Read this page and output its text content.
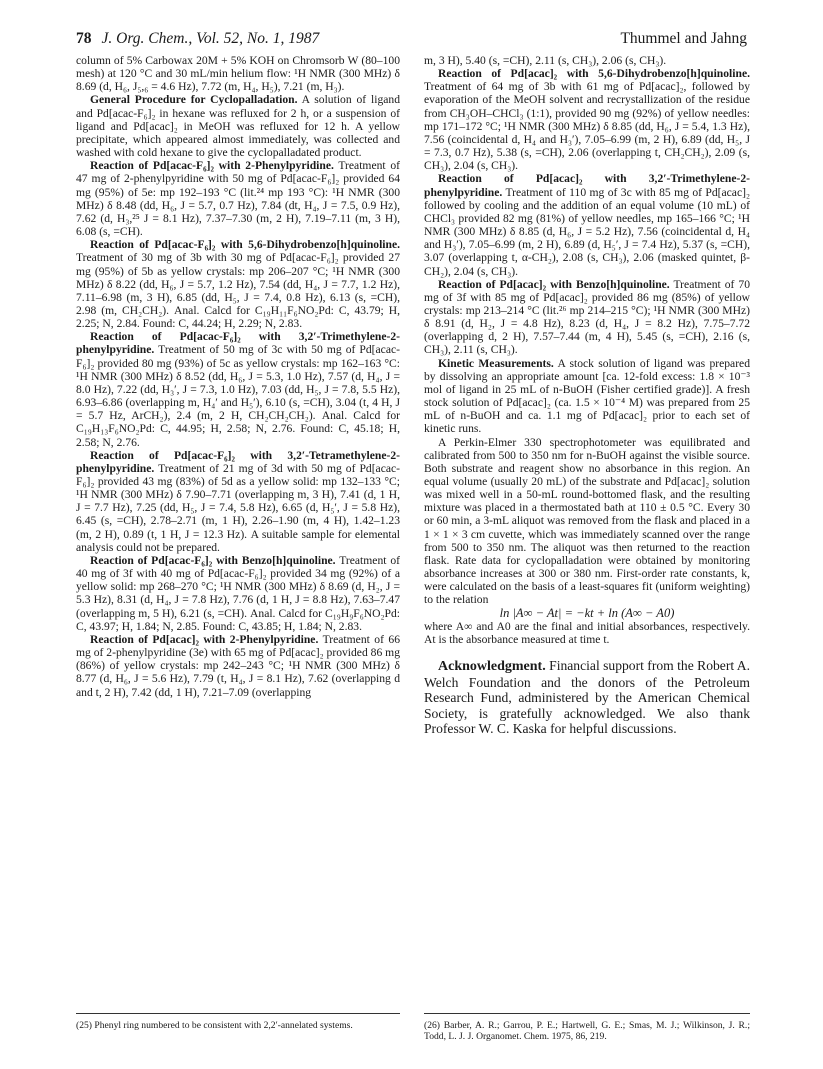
78 J. Org. Chem., Vol. 52, No. 1, 1987	Thummel and Jahng

column of 5% Carbowax 20M + 5% KOH on Chromsorb W (80–100 mesh) at 120 °C and 30 mL/min helium flow: ¹H NMR (300 MHz) δ 8.69 (d, H₆, J₅,₆ = 4.6 Hz), 7.72 (m, H₄, H₅), 7.21 (m, H₃).

General Procedure for Cyclopalladation. A solution of ligand and Pd[acac-F₆]₂ in hexane was refluxed for 2 h, or a suspension of ligand and Pd[acac]₂ in MeOH was refluxed for 12 h. A yellow precipitate, which appeared almost immediately, was collected and washed with cold hexane to give the cyclopalladated product.

Reaction of Pd[acac-F₆]₂ with 2-Phenylpyridine. Treatment of 47 mg of 2-phenylpyridine with 50 mg of Pd[acac-F₆]₂ provided 64 mg (95%) of 5e: mp 192–193 °C (lit.²⁴ mp 193 °C): ¹H NMR (300 MHz) δ 8.48 (dd, H₆, J = 5.7, 0.7 Hz), 7.84 (dt, H₄, J = 7.5, 0.9 Hz), 7.62 (d, H₃,²⁵ J = 8.1 Hz), 7.37–7.30 (m, 2 H), 7.19–7.11 (m, 3 H), 6.08 (s, =CH).

Reaction of Pd[acac-F₆]₂ with 5,6-Dihydrobenzo[h]quinoline. Treatment of 30 mg of 3b with 30 mg of Pd[acac-F₆]₂ provided 27 mg (95%) of 5b as yellow crystals: mp 206–207 °C; ¹H NMR (300 MHz) δ 8.22 (dd, H₆, J = 5.7, 1.2 Hz), 7.54 (dd, H₄, J = 7.7, 1.2 Hz), 7.11–6.98 (m, 3 H), 6.85 (dd, H₅, J = 7.4, 0.8 Hz), 6.13 (s, =CH), 2.98 (m, CH₂CH₂). Anal. Calcd for C₁₉H₁₁F₆NO₂Pd: C, 43.79; H, 2.25; N, 2.84. Found: C, 44.24; H, 2.29; N, 2.83.

Reaction of Pd[acac-F₆]₂ with 3,2′-Trimethylene-2-phenylpyridine. Treatment of 50 mg of 3c with 50 mg of Pd[acac-F₆]₂ provided 80 mg (93%) of 5c as yellow crystals: mp 162–163 °C: ¹H NMR (300 MHz) δ 8.52 (dd, H₆, J = 5.3, 1.0 Hz), 7.57 (d, H₄, J = 8.0 Hz), 7.22 (dd, H₃′, J = 7.3, 1.0 Hz), 7.03 (dd, H₅, J = 7.8, 5.5 Hz), 6.93–6.86 (overlapping m, H₄′ and H₅′), 6.10 (s, =CH), 3.04 (t, 4 H, J = 5.7 Hz, ArCH₂), 2.4 (m, 2 H, CH₂CH₂CH₂). Anal. Calcd for C₁₉H₁₃F₆NO₂Pd: C, 44.95; H, 2.58; N, 2.76. Found: C, 45.18; H, 2.58; N, 2.76.

Reaction of Pd[acac-F₆]₂ with 3,2′-Tetramethylene-2-phenylpyridine. Treatment of 21 mg of 3d with 50 mg of Pd[acac-F₆]₂ provided 43 mg (83%) of 5d as a yellow solid: mp 132–133 °C; ¹H NMR (300 MHz) δ 7.90–7.71 (overlapping m, 3 H), 7.41 (d, 1 H, J = 7.7 Hz), 7.25 (dd, H₅, J = 7.4, 5.8 Hz), 6.65 (d, H₅′, J = 5.8 Hz), 6.45 (s, =CH), 2.78–2.71 (m, 1 H), 2.26–1.90 (m, 4 H), 1.42–1.23 (m, 2 H), 0.89 (t, 1 H, J = 12.3 Hz). A suitable sample for elemental analysis could not be prepared.

Reaction of Pd[acac-F₆]₂ with Benzo[h]quinoline. Treatment of 40 mg of 3f with 40 mg of Pd[acac-F₆]₂ provided 34 mg (92%) of a yellow solid: mp 268–270 °C; ¹H NMR (300 MHz) δ 8.69 (d, H₂, J = 5.3 Hz), 8.31 (d, H₄, J = 7.8 Hz), 7.76 (d, 1 H, J = 8.8 Hz), 7.63–7.47 (overlapping m, 5 H), 6.21 (s, =CH). Anal. Calcd for C₁₉H₉F₆NO₂Pd: C, 43.97; H, 1.84; N, 2.85. Found: C, 43.85; H, 1.84; N, 2.83.

Reaction of Pd[acac]₂ with 2-Phenylpyridine. Treatment of 66 mg of 2-phenylpyridine (3e) with 65 mg of Pd[acac]₂ provided 86 mg (86%) of yellow crystals: mp 242–243 °C; ¹H NMR (300 MHz) δ 8.77 (d, H₆, J = 5.6 Hz), 7.79 (t, H₄, J = 8.1 Hz), 7.62 (overlapping d and t, 2 H), 7.42 (dd, 1 H), 7.21–7.09 (overlapping

m, 3 H), 5.40 (s, =CH), 2.11 (s, CH₃), 2.06 (s, CH₃).

Reaction of Pd[acac]₂ with 5,6-Dihydrobenzo[h]quinoline. Treatment of 64 mg of 3b with 61 mg of Pd[acac]₂, followed by evaporation of the MeOH solvent and recrystallization of the residue from CH₃OH–CHCl₃ (1:1), provided 90 mg (92%) of yellow needles: mp 171–172 °C; ¹H NMR (300 MHz) δ 8.85 (dd, H₆, J = 5.4, 1.3 Hz), 7.56 (coincidental d, H₄ and H₃′), 7.05–6.99 (m, 2 H), 6.89 (dd, H₅, J = 7.3, 0.7 Hz), 5.38 (s, =CH), 2.06 (overlapping t, CH₂CH₂), 2.09 (s, CH₃), 2.04 (s, CH₃).

Reaction of Pd[acac]₂ with 3,2′-Trimethylene-2-phenylpyridine. Treatment of 110 mg of 3c with 85 mg of Pd[acac]₂ followed by cooling and the addition of an equal volume (10 mL) of CHCl₃ provided 82 mg (81%) of yellow needles, mp 165–166 °C; ¹H NMR (300 MHz) δ 8.85 (d, H₆, J = 5.2 Hz), 7.56 (coincidental d, H₄ and H₃′), 7.05–6.99 (m, 2 H), 6.89 (d, H₅′, J = 7.4 Hz), 5.37 (s, =CH), 3.07 (overlapping t, α-CH₂), 2.08 (s, CH₃), 2.06 (masked quintet, β-CH₂), 2.04 (s, CH₃).

Reaction of Pd[acac]₂ with Benzo[h]quinoline. Treatment of 70 mg of 3f with 85 mg of Pd[acac]₂ provided 86 mg (85%) of yellow crystals: mp 213–214 °C (lit.²⁶ mp 214–215 °C); ¹H NMR (300 MHz) δ 8.91 (d, H₂, J = 4.8 Hz), 8.23 (d, H₄, J = 8.2 Hz), 7.75–7.72 (overlapping d, 2 H), 7.57–7.44 (m, 4 H), 5.45 (s, =CH), 2.16 (s, CH₃), 2.11 (s, CH₃).

Kinetic Measurements. A stock solution of ligand was prepared by dissolving an appropriate amount [ca. 12-fold excess: 1.8 × 10⁻³ mol of ligand in 25 mL of n-BuOH (Fisher certified grade)]. A fresh stock solution of Pd[acac]₂ (ca. 1.5 × 10⁻⁴ M) was prepared from 25 mL of n-BuOH and ca. 1.1 mg of Pd[acac]₂ prior to each set of kinetic runs.

A Perkin-Elmer 330 spectrophotometer was equilibrated and calibrated from 500 to 350 nm for n-BuOH against the visible source. Both substrate and reagent show no absorbance in this region. An equal volume (usually 20 mL) of the substrate and Pd[acac]₂ solution was mixed well in a 50-mL round-bottomed flask, and the resulting mixture was placed in a thermostated bath at 110 ± 0.5 °C. Every 30 or 60 min, a 3-mL aliquot was removed from the flask and placed in a 1 × 1 × 3 cm cuvette, which was immediately scanned over the range from 500 to 350 nm. The aliquot was then returned to the reaction flask. Rate data for cyclopalladation were obtained by monitoring absorbance increases at 300 or 380 nm. First-order rate constants, k, were calculated on the basis of a least-squares fit (uniform weighting) to the relation

ln |A∞ − At| = −kt + ln (A∞ − A0)

where A∞ and A0 are the final and initial absorbances, respectively. At is the absorbance measured at time t.

Acknowledgment. Financial support from the Robert A. Welch Foundation and the donors of the Petroleum Research Fund, administered by the American Chemical Society, is gratefully acknowledged. We also thank Professor W. C. Kaska for helpful discussions.

(25) Phenyl ring numbered to be consistent with 2,2′-annelated systems.	(26) Barber, A. R.; Garrou, P. E.; Hartwell, G. E.; Smas, M. J.; Wilkinson, J. R.; Todd, L. J. J. Organomet. Chem. 1975, 86, 219.
